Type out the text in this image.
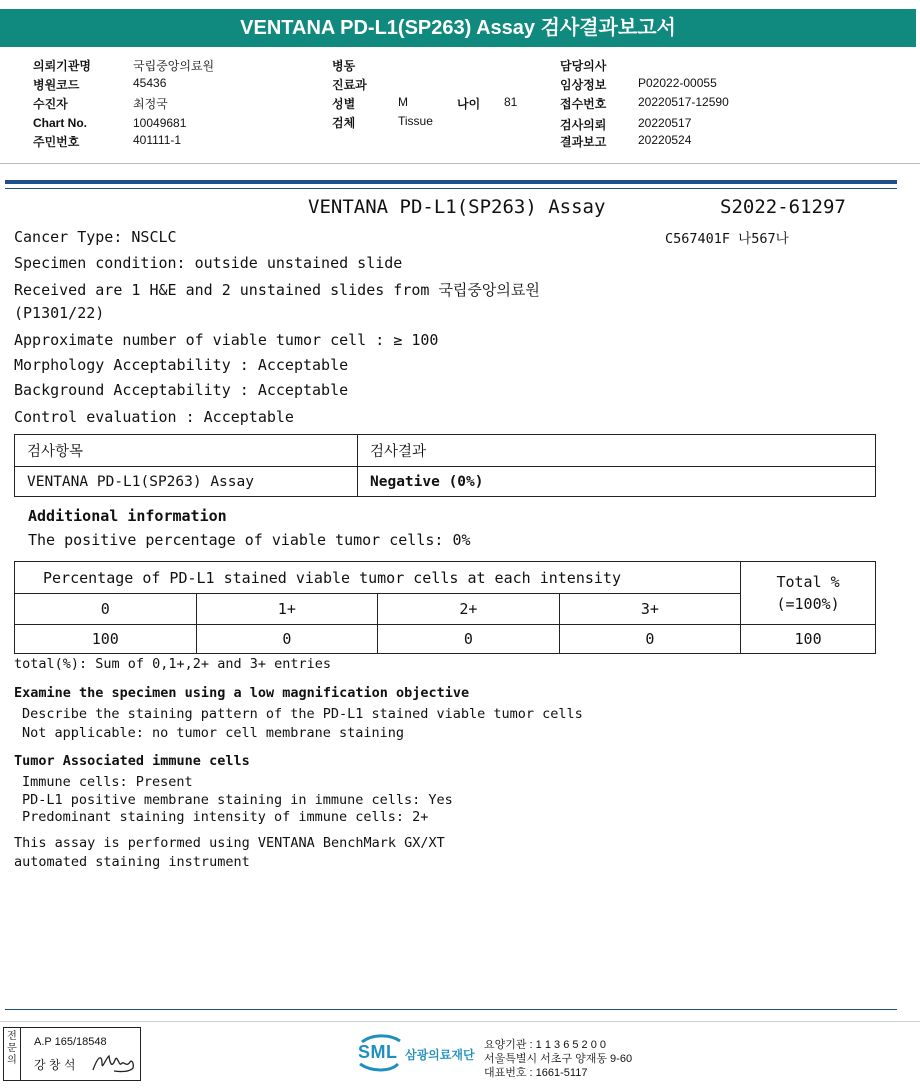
VENTANA PD-L1(SP263) Assay 검사결과보고서
의뢰기관명	국립중앙의료원
병원코드	45436
수진자	최정국
Chart No.	10049681
주민번호	401111-1
병동
진료과
성별	M	나이 81
검체	Tissue
담당의사
임상정보	P02022-00055
접수번호	20220517-12590
검사의뢰	20220517
결과보고	20220524
VENTANA PD-L1(SP263) Assay	S2022-61297
C567401F 나567나
Cancer Type: NSCLC
Specimen condition: outside unstained slide
Received are 1 H&E and 2 unstained slides from 국립중앙의료원
(P1301/22)
Approximate number of viable tumor cell : ≥ 100
Morphology Acceptability : Acceptable
Background Acceptability : Acceptable
Control evaluation : Acceptable
검사항목	검사결과
VENTANA PD-L1(SP263) Assay	Negative (0%)
Additional information
The positive percentage of viable tumor cells: 0%
Percentage of PD-L1 stained viable tumor cells at each intensity				Total %
(=100%)
0	1+	2+	3+	
100	0	0	0	100
total(%): Sum of 0,1+,2+ and 3+ entries
Examine the specimen using a low magnification objective
Describe the staining pattern of the PD-L1 stained viable tumor cells
Not applicable: no tumor cell membrane staining
Tumor Associated immune cells
Immune cells: Present
PD-L1 positive membrane staining in immune cells: Yes
Predominant staining intensity of immune cells: 2+
This assay is performed using VENTANA BenchMark GX/XT
automated staining instrument
전문의
A.P 165/18548
강 창 석
SML 삼광의료재단
요양기관 : 1 1 3 6 5 2 0 0
서울특별시 서초구 양재동 9-60
대표번호 : 1661-5117
